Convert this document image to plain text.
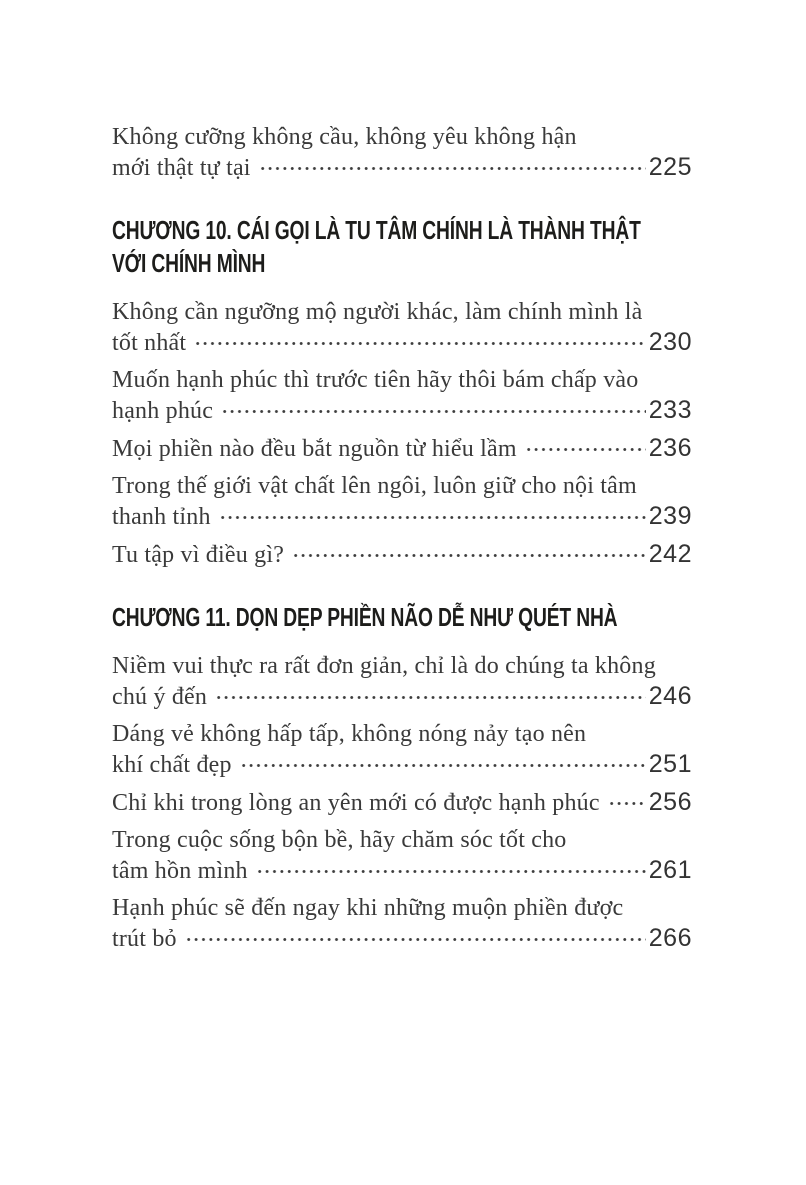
Không cưỡng không cầu, không yêu không hận
mới thật tự tại	225
CHƯƠNG 10. CÁI GỌI LÀ TU TÂM CHÍNH LÀ THÀNH THẬT
VỚI CHÍNH MÌNH
Không cần ngưỡng mộ người khác, làm chính mình là
tốt nhất	230
Muốn hạnh phúc thì trước tiên hãy thôi bám chấp vào
hạnh phúc	233
Mọi phiền nào đều bắt nguồn từ hiểu lầm	236
Trong thế giới vật chất lên ngôi, luôn giữ cho nội tâm
thanh tỉnh	239
Tu tập vì điều gì?	242
CHƯƠNG 11. DỌN DẸP PHIỀN NÃO DỄ NHƯ QUÉT NHÀ
Niềm vui thực ra rất đơn giản, chỉ là do chúng ta không
chú ý đến	246
Dáng vẻ không hấp tấp, không nóng nảy tạo nên
khí chất đẹp	251
Chỉ khi trong lòng an yên mới có được hạnh phúc 256
Trong cuộc sống bộn bề, hãy chăm sóc tốt cho
tâm hồn mình	261
Hạnh phúc sẽ đến ngay khi những muộn phiền được
trút bỏ	266
